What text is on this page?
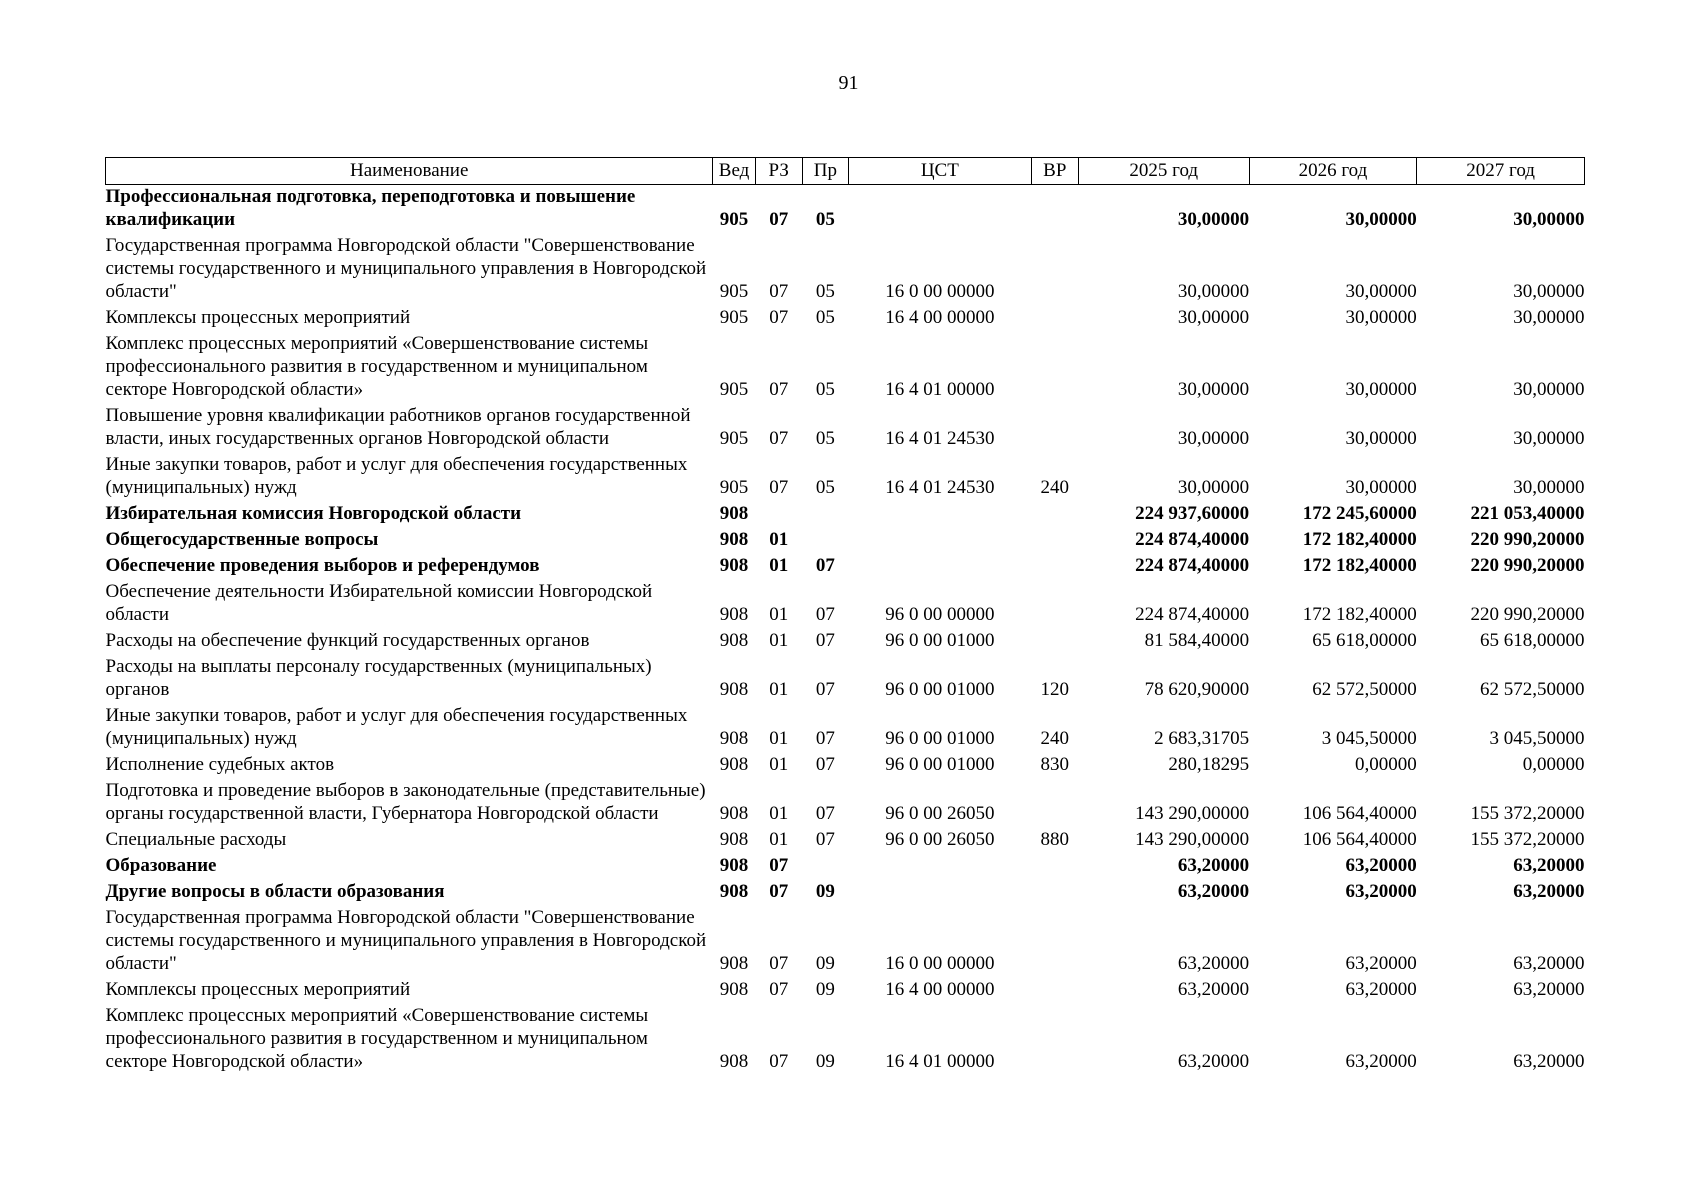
91
Наименование	Вед	РЗ	Пр	ЦСТ	ВР	2025 год	2026 год	2027 год
Профессиональная подготовка, переподготовка и повышение квалификации	905	07	05			30,00000	30,00000	30,00000
Государственная программа Новгородской области "Совершенствование системы государственного и муниципального управления в Новгородской области"	905	07	05	16 0 00 00000		30,00000	30,00000	30,00000
Комплексы процессных мероприятий	905	07	05	16 4 00 00000		30,00000	30,00000	30,00000
Комплекс процессных мероприятий «Совершенствование системы профессионального развития в государственном и муниципальном секторе Новгородской области»	905	07	05	16 4 01 00000		30,00000	30,00000	30,00000
Повышение уровня квалификации работников органов государственной власти, иных государственных органов Новгородской области	905	07	05	16 4 01 24530		30,00000	30,00000	30,00000
Иные закупки товаров, работ и услуг для обеспечения государственных (муниципальных) нужд	905	07	05	16 4 01 24530	240	30,00000	30,00000	30,00000
Избирательная комиссия Новгородской области	908					224 937,60000	172 245,60000	221 053,40000
Общегосударственные вопросы	908	01				224 874,40000	172 182,40000	220 990,20000
Обеспечение проведения выборов и референдумов	908	01	07			224 874,40000	172 182,40000	220 990,20000
Обеспечение деятельности Избирательной комиссии Новгородской области	908	01	07	96 0 00 00000		224 874,40000	172 182,40000	220 990,20000
Расходы на обеспечение функций государственных органов	908	01	07	96 0 00 01000		81 584,40000	65 618,00000	65 618,00000
Расходы на выплаты персоналу государственных (муниципальных) органов	908	01	07	96 0 00 01000	120	78 620,90000	62 572,50000	62 572,50000
Иные закупки товаров, работ и услуг для обеспечения государственных (муниципальных) нужд	908	01	07	96 0 00 01000	240	2 683,31705	3 045,50000	3 045,50000
Исполнение судебных актов	908	01	07	96 0 00 01000	830	280,18295	0,00000	0,00000
Подготовка и проведение выборов в законодательные (представительные) органы государственной власти, Губернатора Новгородской области	908	01	07	96 0 00 26050		143 290,00000	106 564,40000	155 372,20000
Специальные расходы	908	01	07	96 0 00 26050	880	143 290,00000	106 564,40000	155 372,20000
Образование	908	07				63,20000	63,20000	63,20000
Другие вопросы в области образования	908	07	09			63,20000	63,20000	63,20000
Государственная программа Новгородской области "Совершенствование системы государственного и муниципального управления в Новгородской области"	908	07	09	16 0 00 00000		63,20000	63,20000	63,20000
Комплексы процессных мероприятий	908	07	09	16 4 00 00000		63,20000	63,20000	63,20000
Комплекс процессных мероприятий «Совершенствование системы профессионального развития в государственном и муниципальном секторе Новгородской области»	908	07	09	16 4 01 00000		63,20000	63,20000	63,20000
